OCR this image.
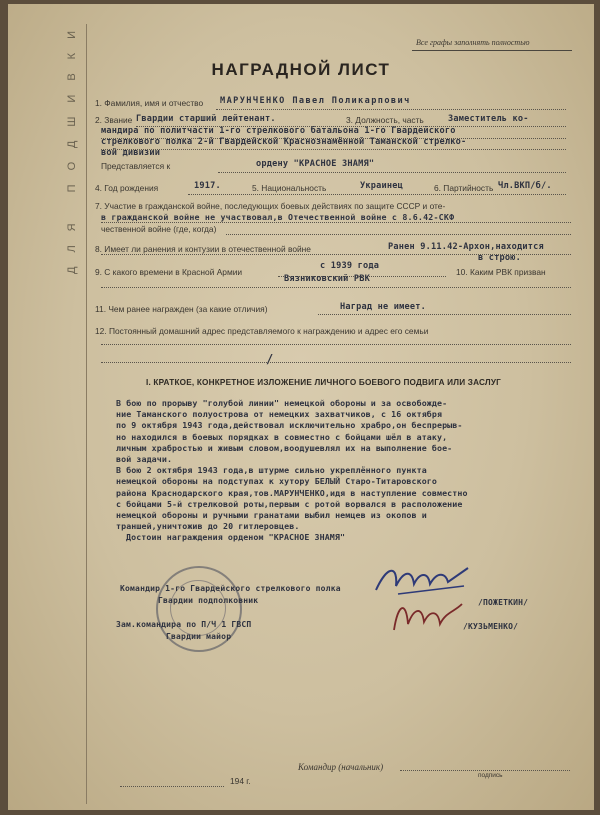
ДЛЯ ПОДШИВКИ	Все графы заполнять полностью
НАГРАДНОЙ ЛИСТ
1. Фамилия, имя и отчество МАРУНЧЕНКО Павел Поликарпович
2. Звание Гвардии старший лейтенант.	3. Должность, часть	Заместитель ко-
мандира по политчасти 1-го стрелкового батальона 1-го Гвардейского
стрелкового полка 2-й Гвардейской Краснознамённой Таманской стрелко-
вой дивизии
Представляется к	ордену "КРАСНОЕ ЗНАМЯ"
4. Год рождения	1917.	5. Национальность	Украинец	6. Партийность Чл.ВКП/б/.
7. Участие в гражданской войне, последующих боевых действиях по защите СССР и оте-
в гражданской войне не участвовал,в Отечественной войне с 8.6.42-СКФ
чественной войне (где, когда)
8. Имеет ли ранения и контузии в отечественной войне	Ранен 9.11.42-Архон,находится
в строю.
9. С какого времени в Красной Армии
с 1939 года
10. Каким РВК призван
Вязниковский РВК
11. Чем ранее награжден (за какие отличия)	Наград не имеет.
12. Постоянный домашний адрес представляемого к награждению и адрес его семьи
/
I. КРАТКОЕ, КОНКРЕТНОЕ ИЗЛОЖЕНИЕ ЛИЧНОГО БОЕВОГО ПОДВИГА ИЛИ ЗАСЛУГ
Командир 1-го Гвардейского стрелкового полка
Гвардии подполковник	/ПОЖЕТКИН/
Зам.командира по П/Ч 1 ГВСП
Гвардии майор
/КУЗЬМЕНКО/
Командир (начальник)
подпись
194 г.
В бою по прорыву "голубой линии" немецкой обороны и за освобожде-
ние Таманского полуострова от немецких захватчиков, с 16 октября
по 9 октября 1943 года,действовал исключительно храбро,он беспрерыв-
но находился в боевых порядках в совместно с бойцами шёл в атаку,
личным храбростью и живым словом,воодушевлял их на выполнение бое-
вой задачи.
В бою 2 октября 1943 года,в штурме сильно укреплённого пункта
немецкой обороны на подступах к хутору БЕЛЫЙ Старо-Титаровского
района Краснодарского края,тов.МАРУНЧЕНКО,идя в наступление совместно
с бойцами 5-й стрелковой роты,первым с ротой ворвался в расположение
немецкой обороны и ручными гранатами выбил немцев из окопов и
траншей,уничтожив до 20 гитлеровцев.
Достоин награждения орденом "КРАСНОЕ ЗНАМЯ"
